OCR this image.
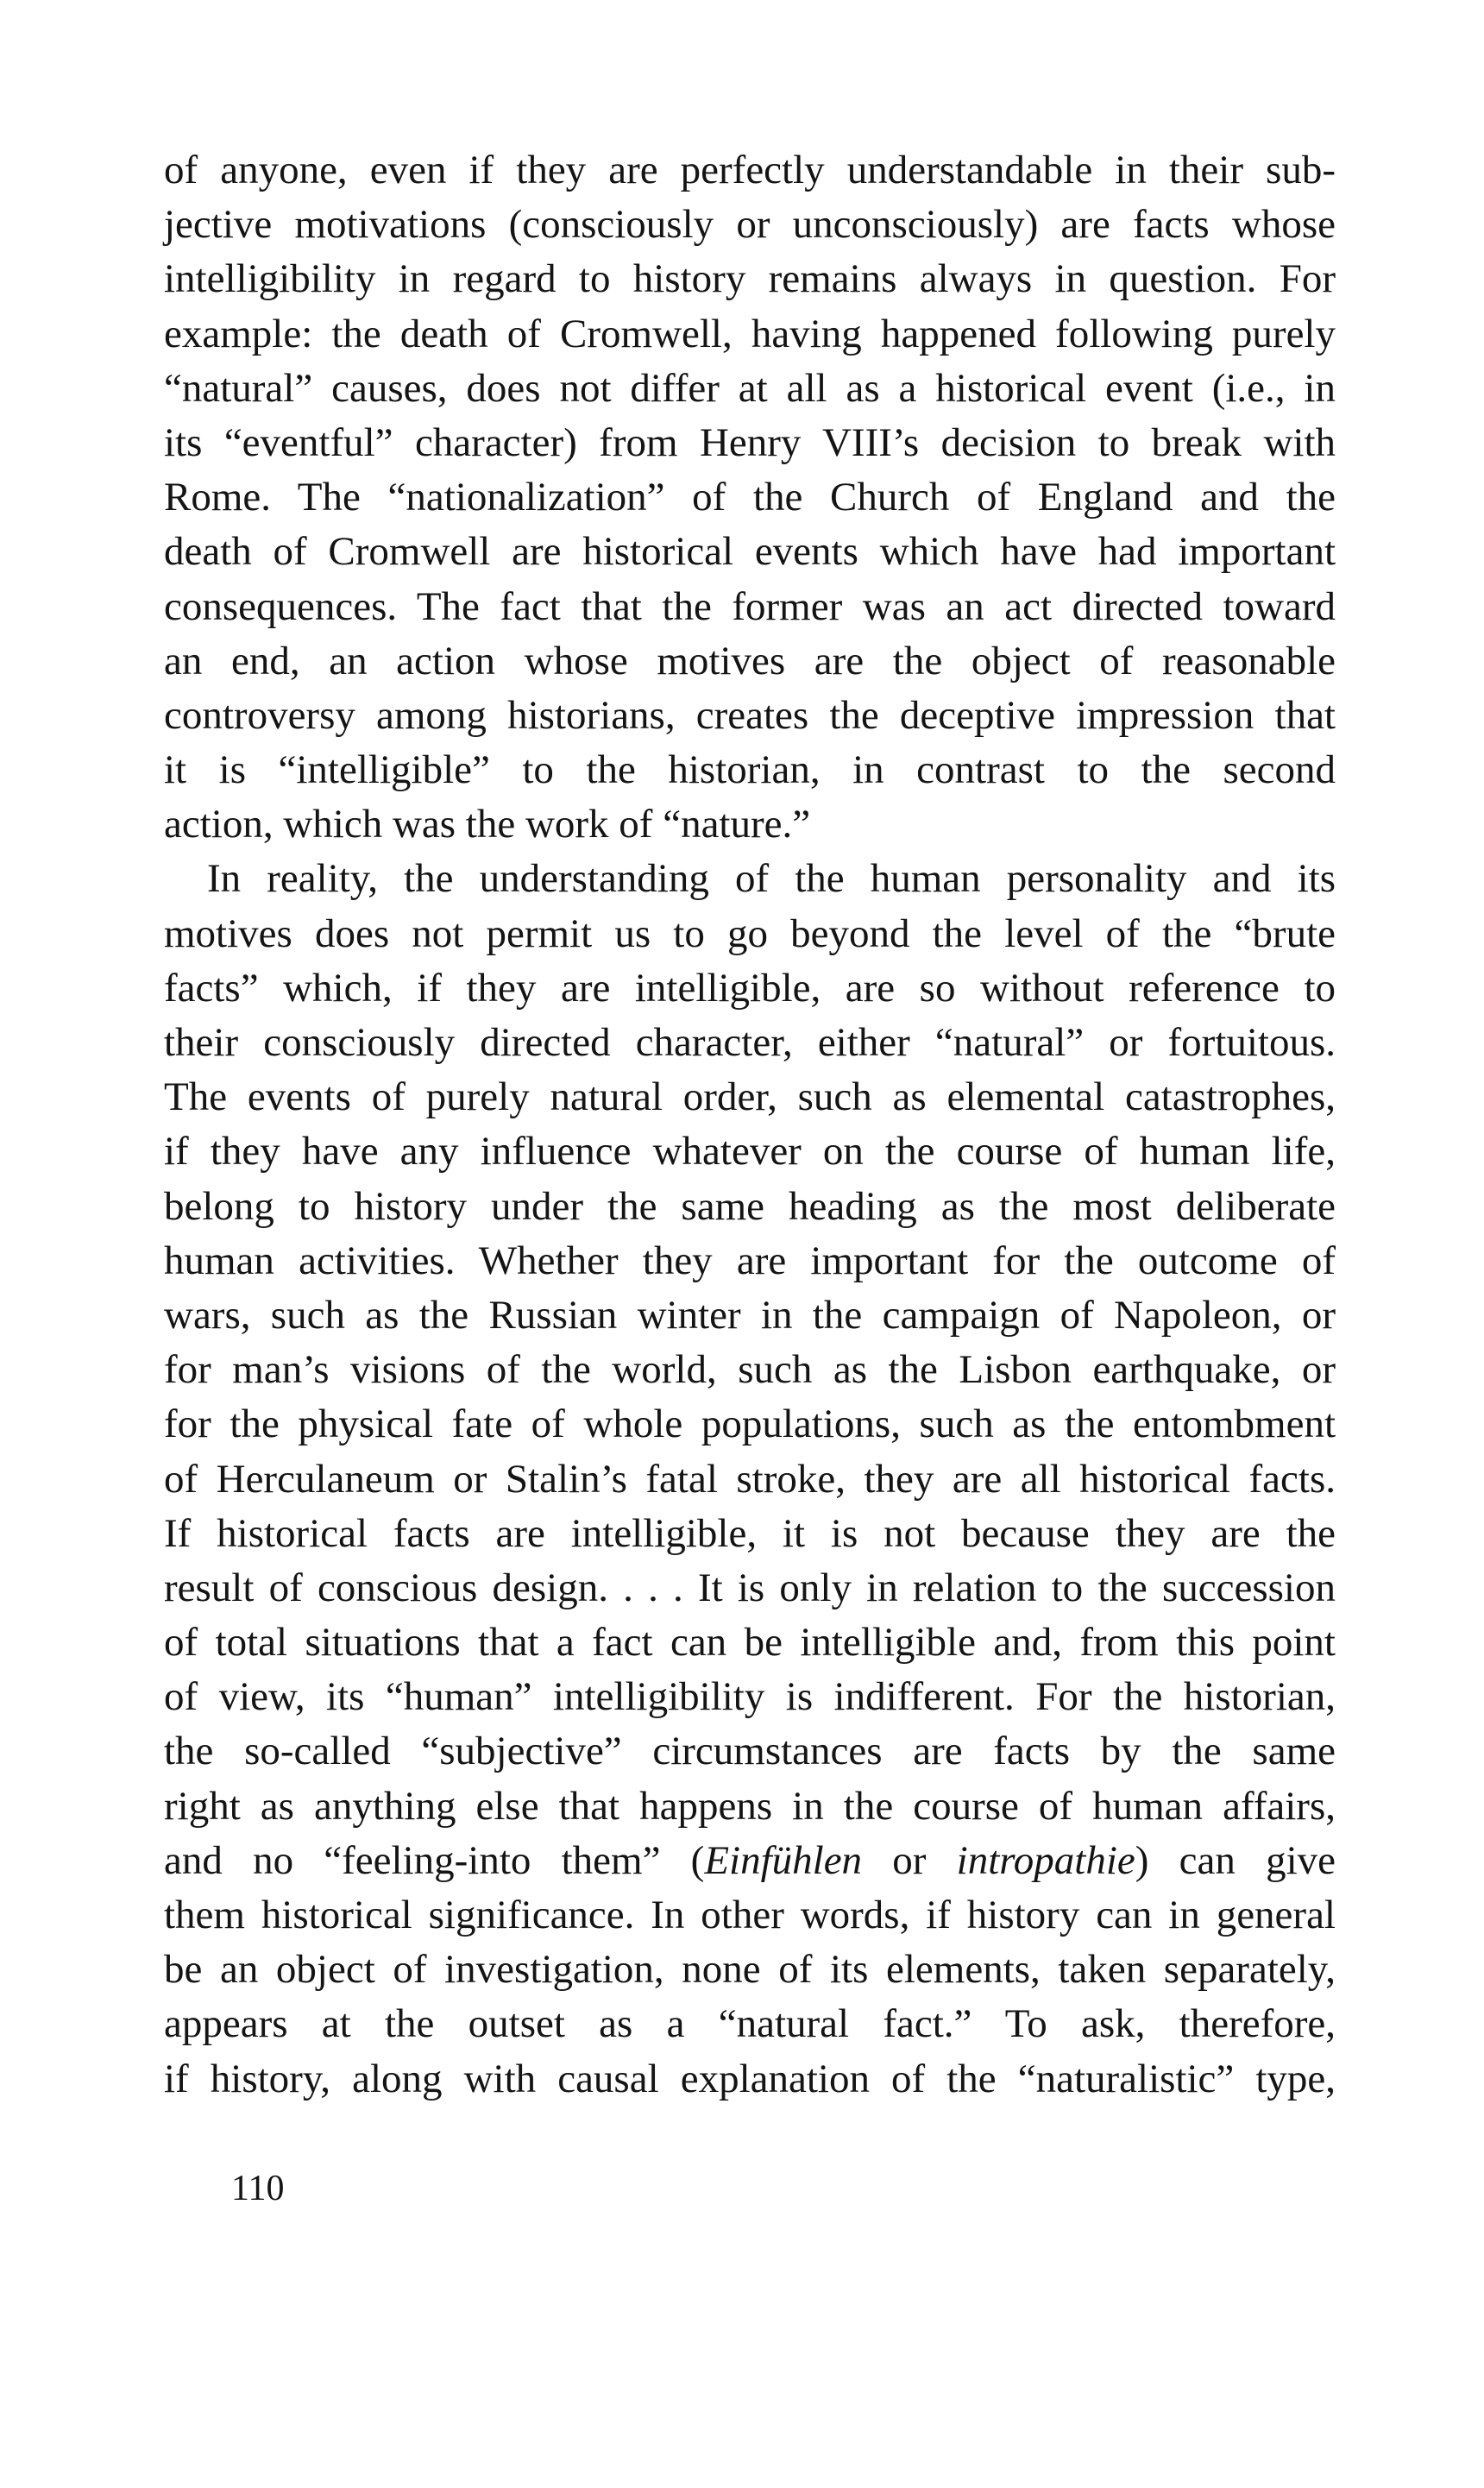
of anyone, even if they are perfectly understandable in their sub-
jective motivations (consciously or unconsciously) are facts whose
intelligibility in regard to history remains always in question. For
example: the death of Cromwell, having happened following purely
“natural” causes, does not differ at all as a historical event (i.e., in
its “eventful” character) from Henry VIII’s decision to break with
Rome. The “nationalization” of the Church of England and the
death of Cromwell are historical events which have had important
consequences. The fact that the former was an act directed toward
an end, an action whose motives are the object of reasonable
controversy among historians, creates the deceptive impression that
it is “intelligible” to the historian, in contrast to the second
action, which was the work of “nature.”
In reality, the understanding of the human personality and its
motives does not permit us to go beyond the level of the “brute
facts” which, if they are intelligible, are so without reference to
their consciously directed character, either “natural” or fortuitous.
The events of purely natural order, such as elemental catastrophes,
if they have any influence whatever on the course of human life,
belong to history under the same heading as the most deliberate
human activities. Whether they are important for the outcome of
wars, such as the Russian winter in the campaign of Napoleon, or
for man’s visions of the world, such as the Lisbon earthquake, or
for the physical fate of whole populations, such as the entombment
of Herculaneum or Stalin’s fatal stroke, they are all historical facts.
If historical facts are intelligible, it is not because they are the
result of conscious design. . . . It is only in relation to the succession
of total situations that a fact can be intelligible and, from this point
of view, its “human” intelligibility is indifferent. For the historian,
the so-called “subjective” circumstances are facts by the same
right as anything else that happens in the course of human affairs,
and no “feeling-into them” (Einfühlen or intropathie) can give
them historical significance. In other words, if history can in general
be an object of investigation, none of its elements, taken separately,
appears at the outset as a “natural fact.” To ask, therefore,
if history, along with causal explanation of the “naturalistic” type,
110
